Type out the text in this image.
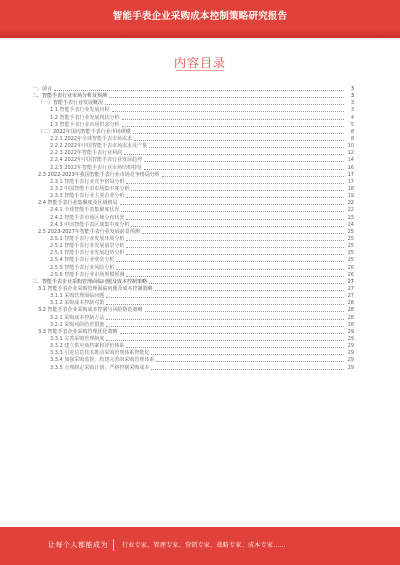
智能手表企业采购成本控制策略研究报告
内容目录
一、前言	3
二、智能手表行业市场分析及预测	3
（一）智能手表行业发展概况	3
1.1 智能手表行业发展历程	3
1.2 智能手表行业发展现状分析	4
1.3 智能手表行业市场供求分析	5
（二）2022年国内智能手表行业市场规模	8
2.2.1 2022年全球智能手表市场需求	8
2.2.2 2022年中国智能手表市场需求及产量	10
2.2.3 2022年智能手表行业利润	12
2.2.4 2022年中国智能手表行业发展趋势	14
2.2.5 2022年智能手表行业市场结构特征	16
2.3 2022-2023年我国智能手表行业市场竞争格局分析	17
2.3.1 智能手表行业竞争格局分析	17
2.3.2 中国智能手表市场集中度分析	18
2.3.3 智能手表行业主要企业分析	19
2.4 智能手表行业集聚度及区域格局	22
2.4.1 全球智能手表集聚度状况	22
2.4.2 智能手表市场区域分布状况	23
2.4.3 中国智能手表区域集中度分析	24
2.5 2023-2027年智能手表行业发展前景预测	25
2.5.1 智能手表行业发展环境分析	25
2.5.2 智能手表行业发展前景分析	25
2.5.3 智能手表行业发展趋势分析	25
2.5.4 智能手表行业壁垒分析	25
2.5.5 智能手表行业风险分析	26
2.5.6 智能手表行业市场规模预测	26
三、智能手表企业采购管理面临问题及成本控制策略	27
3.1 智能手表企业采购管理面临问题及成本控制策略	27
3.1.1 采购管理面临问题	27
3.1.2 采购成本控制对策	28
3.2 智能手表企业采购成本控制与风险防范策略	28
3.2.1 采购成本控制方法	28
3.2.2 采购风险防范措施	28
3.3 智能手表企业采购管理优化策略	29
3.3.1 完善采购管理制度	29
3.3.2 建立供应商档案和评价体系	29
3.3.3 引进信息技术推动采购管理体系智能化	29
3.3.4 加强采购监督，构建完善的采购管理体系	29
3.3.5 合理制定采购计划，严格控制采购成本	29
让每个人都能成为 行业专家、管理专家、营销专家、战略专家、成本专家……
